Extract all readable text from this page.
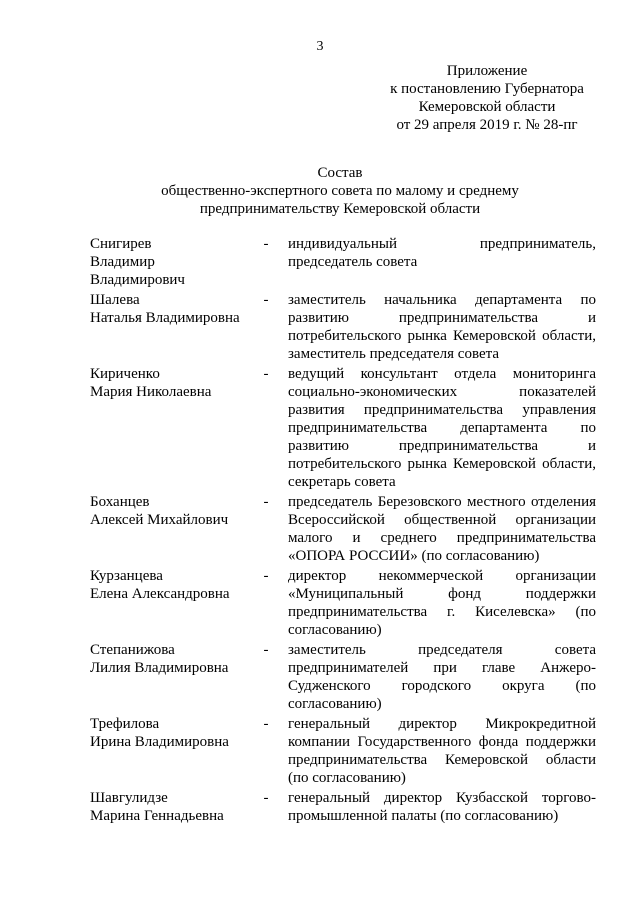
3
Приложение
к постановлению Губернатора
Кемеровской области
от 29 апреля 2019 г. № 28-пг
Состав
общественно-экспертного совета по малому и среднему
предпринимательству Кемеровской области
Снигирев
Владимир
Владимирович
- индивидуальный предприниматель,
председатель совета
Шалева
Наталья Владимировна
- заместитель начальника департамента по
развитию предпринимательства и
потребительского рынка Кемеровской области,
заместитель председателя совета
Кириченко
Мария Николаевна
- ведущий консультант отдела мониторинга
социально-экономических показателей
развития предпринимательства управления
предпринимательства департамента по
развитию предпринимательства и
потребительского рынка Кемеровской области,
секретарь совета
Боханцев
Алексей Михайлович
- председатель Березовского местного отделения
Всероссийской общественной организации
малого и среднего предпринимательства
«ОПОРА РОССИИ» (по согласованию)
Курзанцева
Елена Александровна
- директор некоммерческой организации
«Муниципальный фонд поддержки
предпринимательства г. Киселевска» (по
согласованию)
Степанижова
Лилия Владимировна
- заместитель председателя совета
предпринимателей при главе Анжеро-
Судженского городского округа (по
согласованию)
Трефилова
Ирина Владимировна
- генеральный директор Микрокредитной
компании Государственного фонда поддержки
предпринимательства Кемеровской области
(по согласованию)
Шавгулидзе
Марина Геннадьевна
- генеральный директор Кузбасской торгово-
промышленной палаты (по согласованию)
